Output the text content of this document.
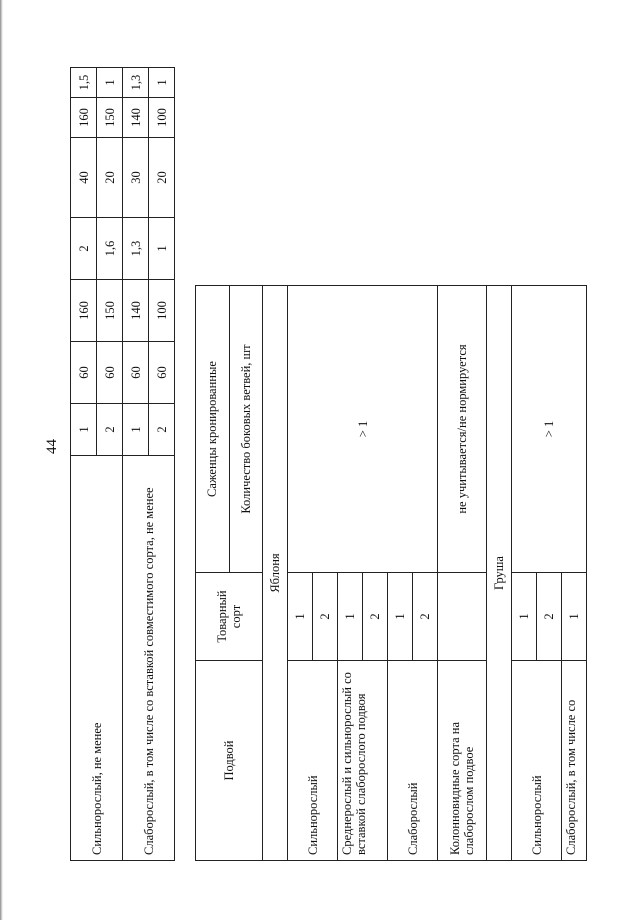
44
Сильнорослый, не менее	1	60	160	2	40	160	1,5
	2	60	150	1,6	20	150	1
Слаборослый, в том числе со вставкой совместимого сорта, не менее	1	60	140	1,3	30	140	1,3
	2	60	100	1	20	100	1
Подвой	Товарный сорт	Саженцы кронированные
		Количество боковых ветвей, шт
Яблоня		
Сильнорослый	1	> 1
	2	
Среднерослый и сильнорослый со вставкой слаборослого подвоя	1	
	2	
Слаборослый	1	
	2	
Колонновидные сорта на слаборослом подвое		не учитывается/не нормируется
Груша		
Сильнорослый	1	> 1
	2	
Слаборослый, в том числе со	1	
